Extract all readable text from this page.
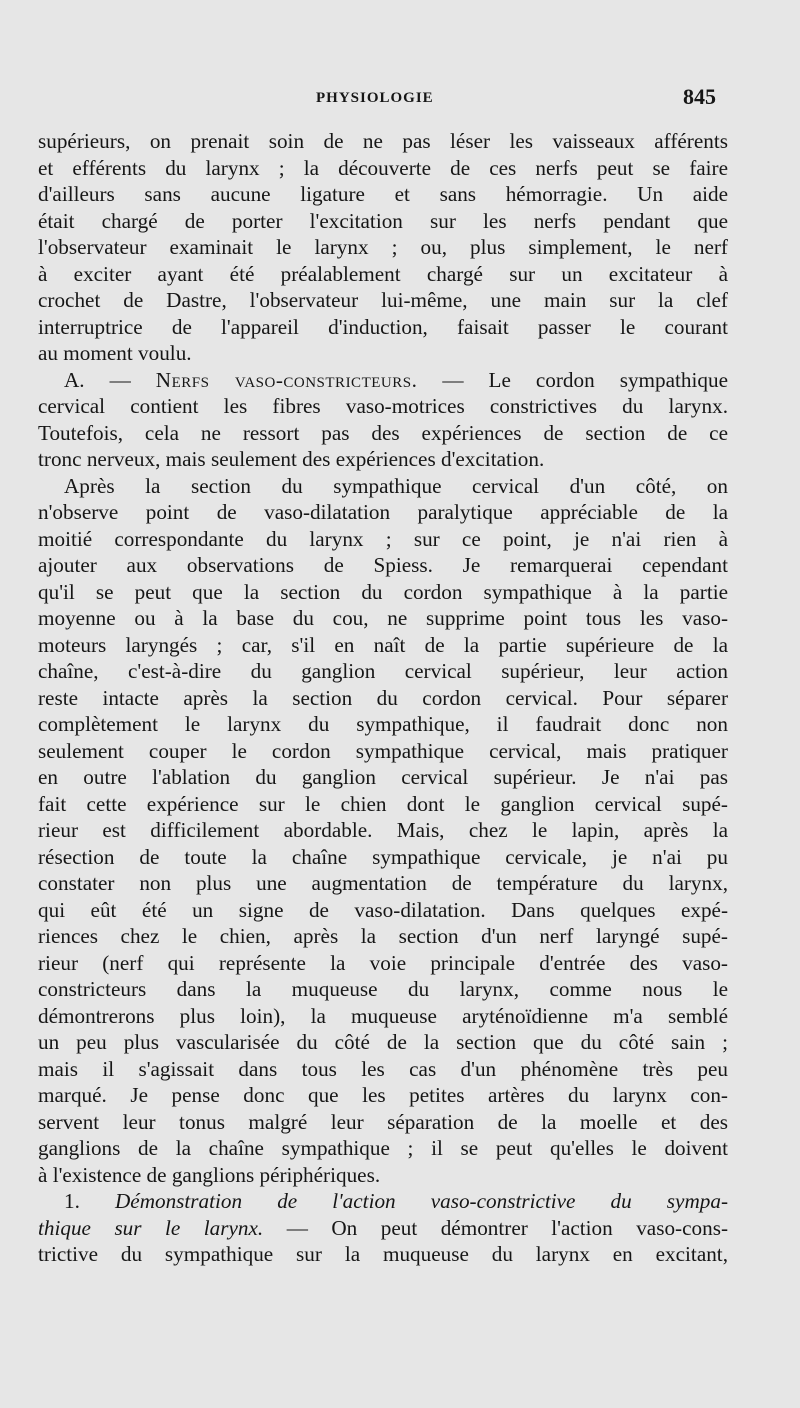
PHYSIOLOGIE	845
supérieurs, on prenait soin de ne pas léser les vaisseaux afférents
et efférents du larynx ; la découverte de ces nerfs peut se faire
d'ailleurs sans aucune ligature et sans hémorragie. Un aide
était chargé de porter l'excitation sur les nerfs pendant que
l'observateur examinait le larynx ; ou, plus simplement, le nerf
à exciter ayant été préalablement chargé sur un excitateur à
crochet de Dastre, l'observateur lui-même, une main sur la clef
interruptrice de l'appareil d'induction, faisait passer le courant
au moment voulu.
A. — Nerfs vaso-constricteurs. — Le cordon sympathique
cervical contient les fibres vaso-motrices constrictives du larynx.
Toutefois, cela ne ressort pas des expériences de section de ce
tronc nerveux, mais seulement des expériences d'excitation.
Après la section du sympathique cervical d'un côté, on
n'observe point de vaso-dilatation paralytique appréciable de la
moitié correspondante du larynx ; sur ce point, je n'ai rien à
ajouter aux observations de Spiess. Je remarquerai cependant
qu'il se peut que la section du cordon sympathique à la partie
moyenne ou à la base du cou, ne supprime point tous les vaso-
moteurs laryngés ; car, s'il en naît de la partie supérieure de la
chaîne, c'est-à-dire du ganglion cervical supérieur, leur action
reste intacte après la section du cordon cervical. Pour séparer
complètement le larynx du sympathique, il faudrait donc non
seulement couper le cordon sympathique cervical, mais pratiquer
en outre l'ablation du ganglion cervical supérieur. Je n'ai pas
fait cette expérience sur le chien dont le ganglion cervical supé-
rieur est difficilement abordable. Mais, chez le lapin, après la
résection de toute la chaîne sympathique cervicale, je n'ai pu
constater non plus une augmentation de température du larynx,
qui eût été un signe de vaso-dilatation. Dans quelques expé-
riences chez le chien, après la section d'un nerf laryngé supé-
rieur (nerf qui représente la voie principale d'entrée des vaso-
constricteurs dans la muqueuse du larynx, comme nous le
démontrerons plus loin), la muqueuse aryténoïdienne m'a semblé
un peu plus vascularisée du côté de la section que du côté sain ;
mais il s'agissait dans tous les cas d'un phénomène très peu
marqué. Je pense donc que les petites artères du larynx con-
servent leur tonus malgré leur séparation de la moelle et des
ganglions de la chaîne sympathique ; il se peut qu'elles le doivent
à l'existence de ganglions périphériques.
1. Démonstration de l'action vaso-constrictive du sympa-
thique sur le larynx. — On peut démontrer l'action vaso-cons-
trictive du sympathique sur la muqueuse du larynx en excitant,
